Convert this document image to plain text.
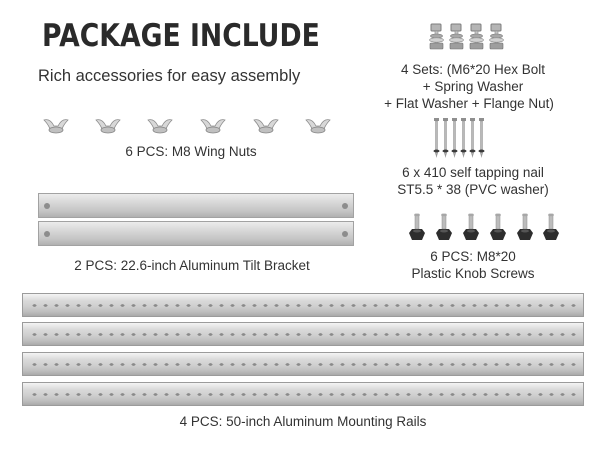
PACKAGE INCLUDE
Rich accessories for easy assembly	4 Sets: (M6*20 Hex Bolt
+ Spring Washer
+ Flat Washer + Flange Nut)
6 PCS: M8 Wing Nuts
6 x 410 self tapping nail
ST5.5 * 38 (PVC washer)
2 PCS: 22.6-inch Aluminum Tilt Bracket
6 PCS: M8*20
Plastic Knob Screws
4 PCS: 50-inch Aluminum Mounting Rails
